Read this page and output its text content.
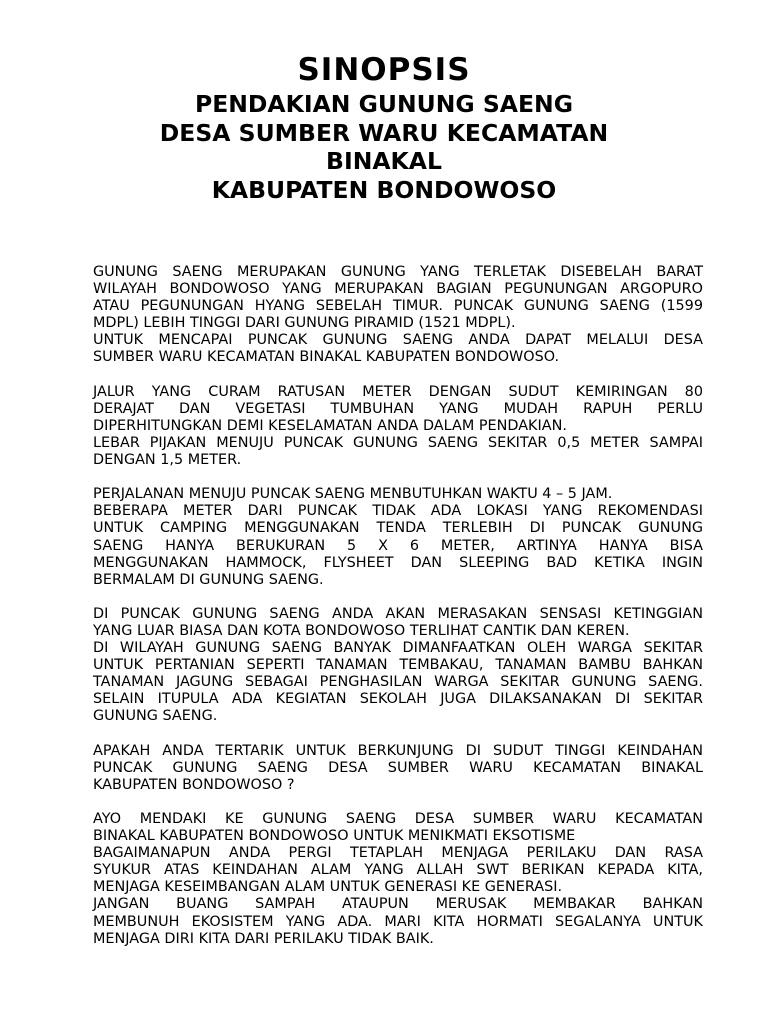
SINOPSIS
PENDAKIAN GUNUNG SAENG
DESA SUMBER WARU KECAMATAN
BINAKAL
KABUPATEN BONDOWOSO
GUNUNG SAENG MERUPAKAN GUNUNG YANG TERLETAK DISEBELAH BARAT
WILAYAH BONDOWOSO YANG MERUPAKAN BAGIAN PEGUNUNGAN ARGOPURO
ATAU PEGUNUNGAN HYANG SEBELAH TIMUR. PUNCAK GUNUNG SAENG (1599
MDPL) LEBIH TINGGI DARI GUNUNG PIRAMID (1521 MDPL).
UNTUK MENCAPAI PUNCAK GUNUNG SAENG ANDA DAPAT MELALUI DESA
SUMBER WARU KECAMATAN BINAKAL KABUPATEN BONDOWOSO.
JALUR YANG CURAM RATUSAN METER DENGAN SUDUT KEMIRINGAN 80
DERAJAT DAN VEGETASI TUMBUHAN YANG MUDAH RAPUH PERLU
DIPERHITUNGKAN DEMI KESELAMATAN ANDA DALAM PENDAKIAN.
LEBAR PIJAKAN MENUJU PUNCAK GUNUNG SAENG SEKITAR 0,5 METER SAMPAI
DENGAN 1,5 METER.
PERJALANAN MENUJU PUNCAK SAENG MENBUTUHKAN WAKTU 4 – 5 JAM.
BEBERAPA METER DARI PUNCAK TIDAK ADA LOKASI YANG REKOMENDASI
UNTUK CAMPING MENGGUNAKAN TENDA TERLEBIH DI PUNCAK GUNUNG
SAENG HANYA BERUKURAN 5 X 6 METER, ARTINYA HANYA BISA
MENGGUNAKAN HAMMOCK, FLYSHEET DAN SLEEPING BAD KETIKA INGIN
BERMALAM DI GUNUNG SAENG.
DI PUNCAK GUNUNG SAENG ANDA AKAN MERASAKAN SENSASI KETINGGIAN
YANG LUAR BIASA DAN KOTA BONDOWOSO TERLIHAT CANTIK DAN KEREN.
DI WILAYAH GUNUNG SAENG BANYAK DIMANFAATKAN OLEH WARGA SEKITAR
UNTUK PERTANIAN SEPERTI TANAMAN TEMBAKAU, TANAMAN BAMBU BAHKAN
TANAMAN JAGUNG SEBAGAI PENGHASILAN WARGA SEKITAR GUNUNG SAENG.
SELAIN ITUPULA ADA KEGIATAN SEKOLAH JUGA DILAKSANAKAN DI SEKITAR
GUNUNG SAENG.
APAKAH ANDA TERTARIK UNTUK BERKUNJUNG DI SUDUT TINGGI KEINDAHAN
PUNCAK GUNUNG SAENG DESA SUMBER WARU KECAMATAN BINAKAL
KABUPATEN BONDOWOSO ?
AYO MENDAKI KE GUNUNG SAENG DESA SUMBER WARU KECAMATAN
BINAKAL KABUPATEN BONDOWOSO UNTUK MENIKMATI EKSOTISME
BAGAIMANAPUN ANDA PERGI TETAPLAH MENJAGA PERILAKU DAN RASA
SYUKUR ATAS KEINDAHAN ALAM YANG ALLAH SWT BERIKAN KEPADA KITA,
MENJAGA KESEIMBANGAN ALAM UNTUK GENERASI KE GENERASI.
JANGAN BUANG SAMPAH ATAUPUN MERUSAK MEMBAKAR BAHKAN
MEMBUNUH EKOSISTEM YANG ADA. MARI KITA HORMATI SEGALANYA UNTUK
MENJAGA DIRI KITA DARI PERILAKU TIDAK BAIK.
